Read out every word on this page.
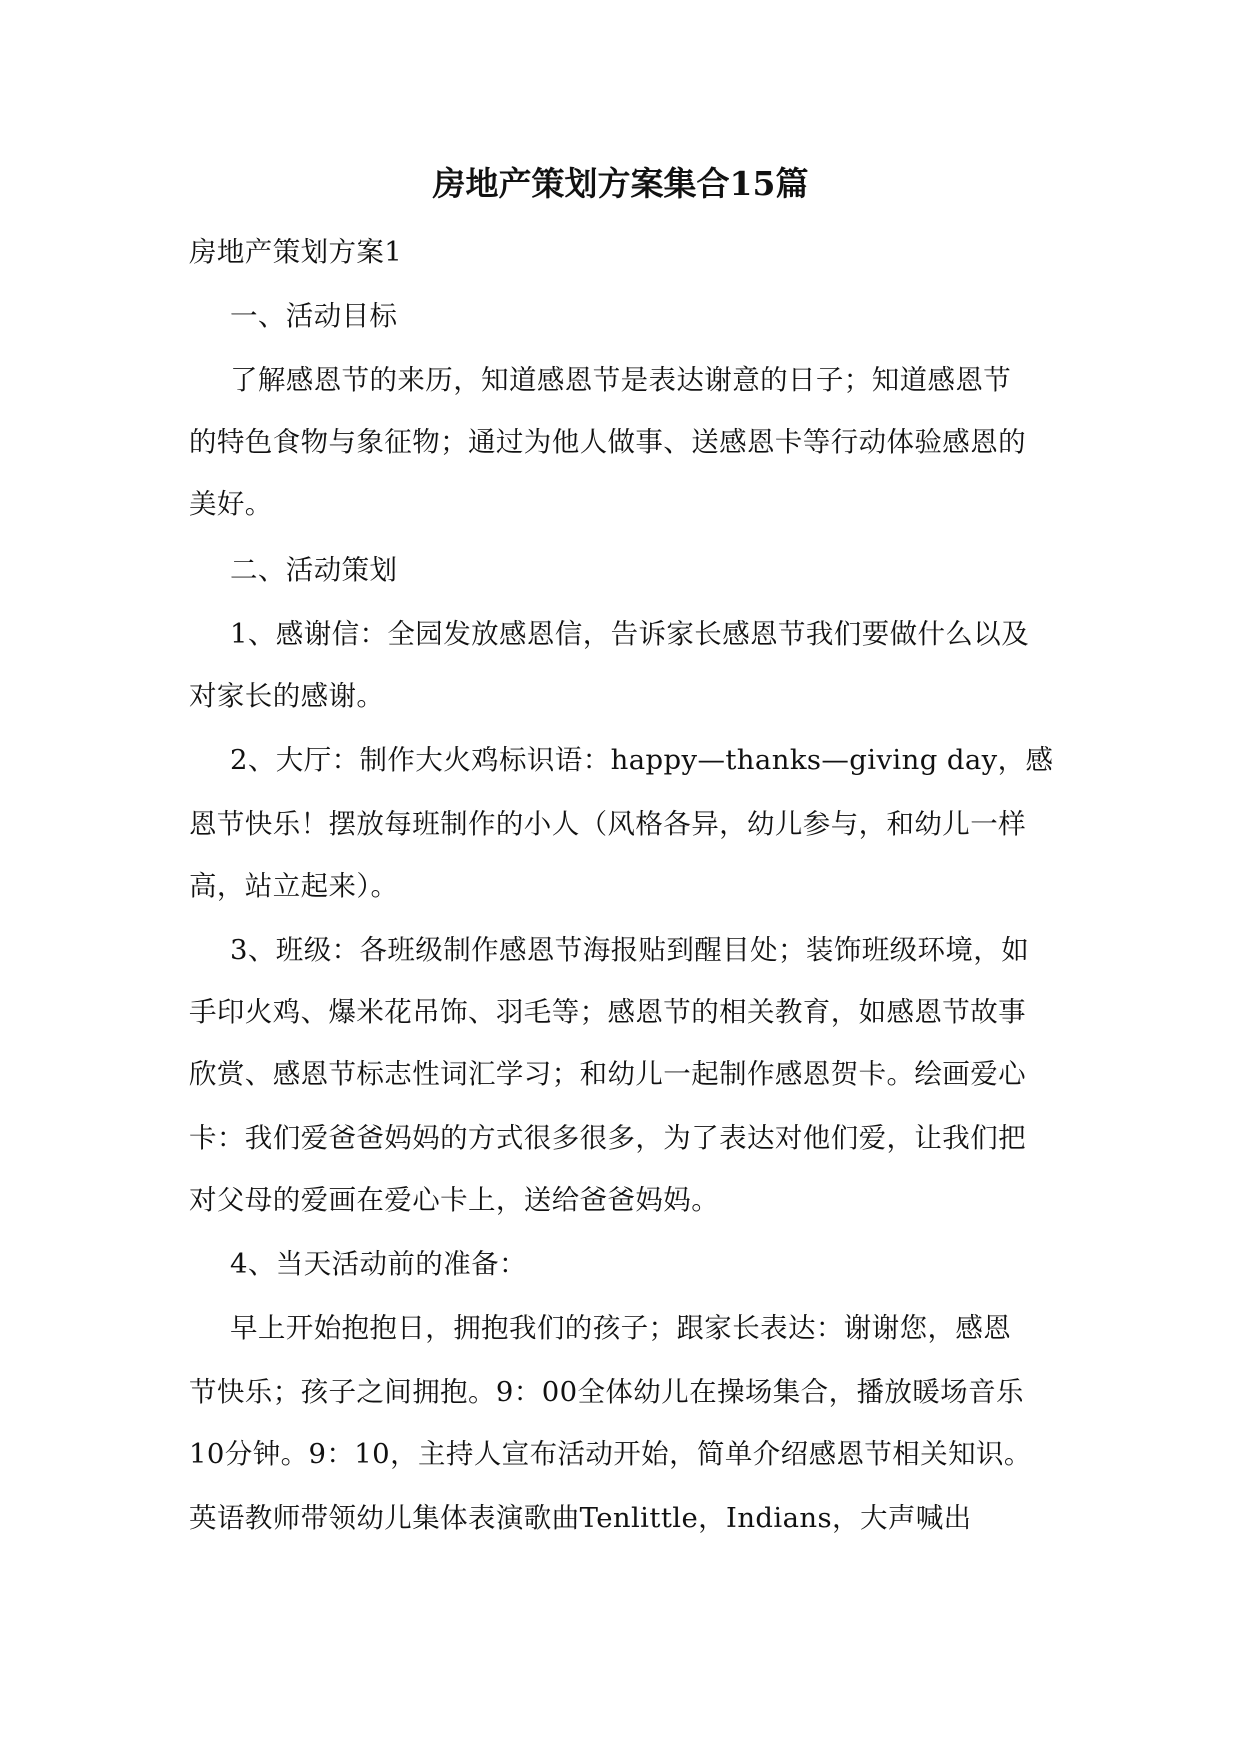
房地产策划方案集合15篇
房地产策划方案1
一、活动目标
了解感恩节的来历，知道感恩节是表达谢意的日子；知道感恩节
的特色食物与象征物；通过为他人做事、送感恩卡等行动体验感恩的
美好。
二、活动策划
1、感谢信：全园发放感恩信，告诉家长感恩节我们要做什么以及
对家长的感谢。
2、大厅：制作大火鸡标识语：happy—thanks—giving day，感
恩节快乐！摆放每班制作的小人（风格各异，幼儿参与，和幼儿一样
高，站立起来）。
3、班级：各班级制作感恩节海报贴到醒目处；装饰班级环境，如
手印火鸡、爆米花吊饰、羽毛等；感恩节的相关教育，如感恩节故事
欣赏、感恩节标志性词汇学习；和幼儿一起制作感恩贺卡。绘画爱心
卡：我们爱爸爸妈妈的方式很多很多，为了表达对他们爱，让我们把
对父母的爱画在爱心卡上，送给爸爸妈妈。
4、当天活动前的准备：
早上开始抱抱日，拥抱我们的孩子；跟家长表达：谢谢您，感恩
节快乐；孩子之间拥抱。9：00全体幼儿在操场集合，播放暖场音乐
10分钟。9：10，主持人宣布活动开始，简单介绍感恩节相关知识。
英语教师带领幼儿集体表演歌曲Tenlittle，Indians，大声喊出
